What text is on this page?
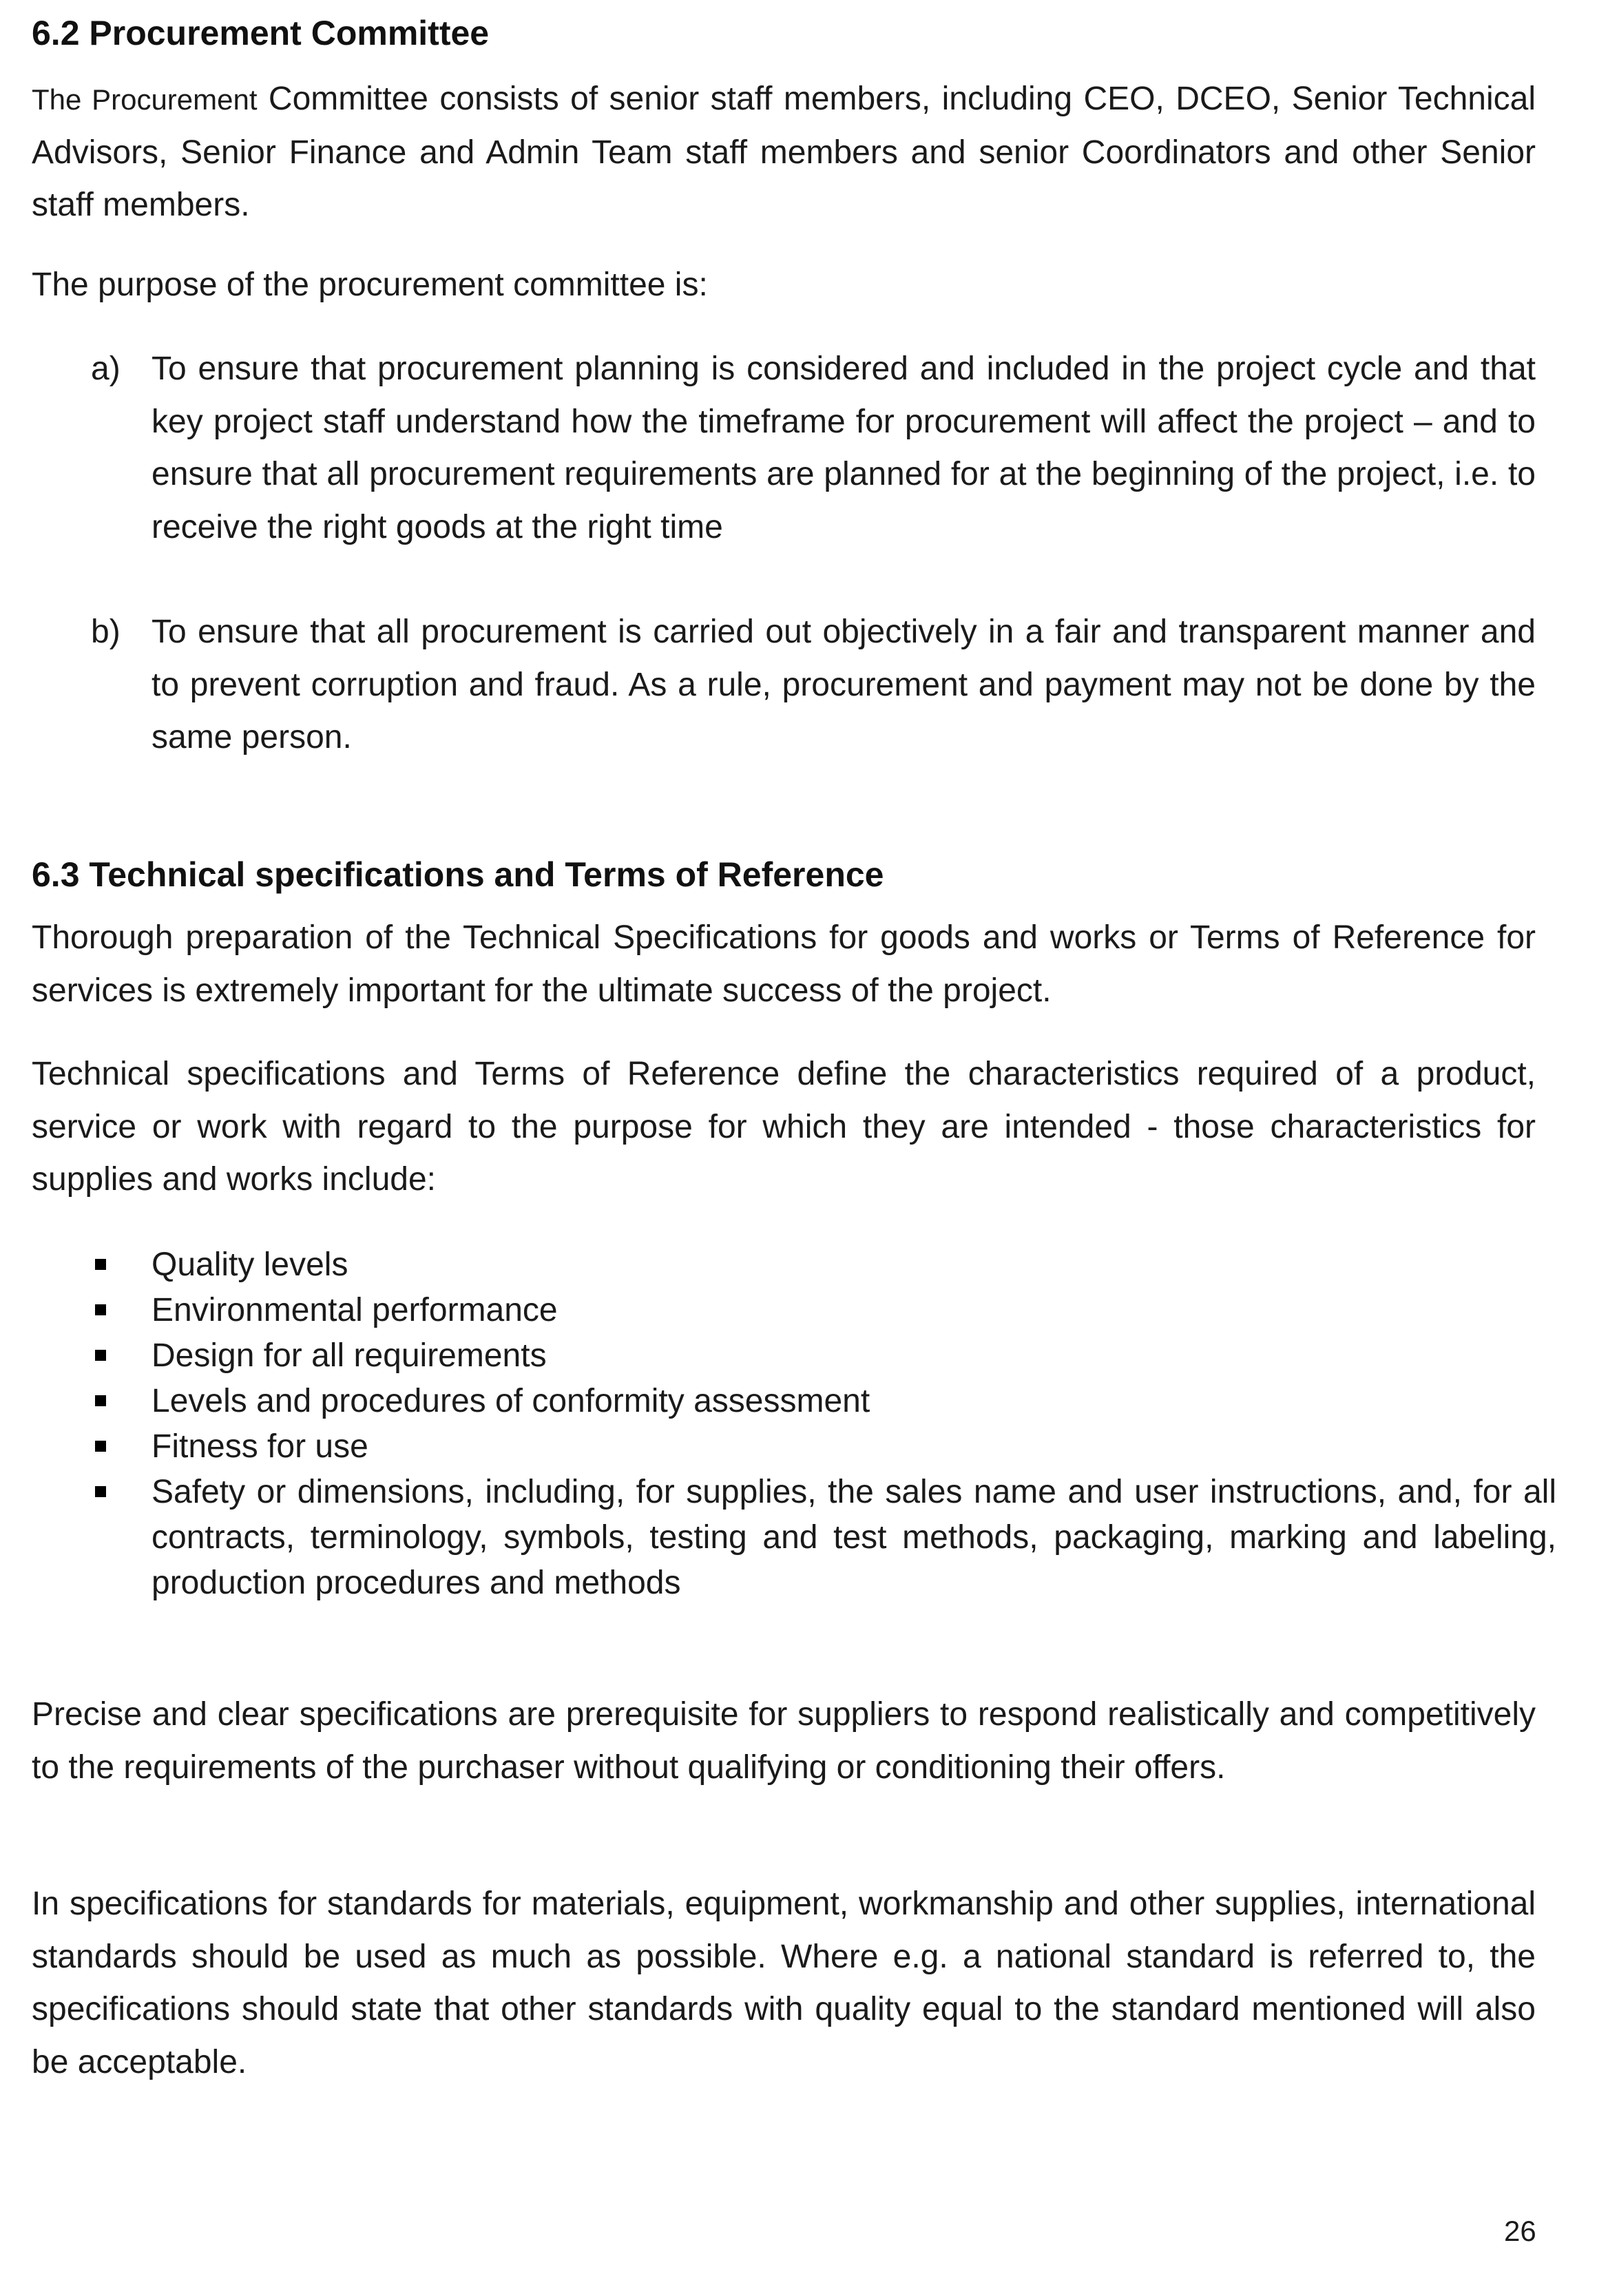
6.2 Procurement Committee

The Procurement Committee consists of senior staff members, including CEO, DCEO, Senior Technical Advisors, Senior Finance and Admin Team staff members and senior Coordinators and other Senior staff members.

The purpose of the procurement committee is:

a) To ensure that procurement planning is considered and included in the project cycle and that key project staff understand how the timeframe for procurement will affect the project – and to ensure that all procurement requirements are planned for at the beginning of the project, i.e. to receive the right goods at the right time

b) To ensure that all procurement is carried out objectively in a fair and transparent manner and to prevent corruption and fraud. As a rule, procurement and payment may not be done by the same person.

6.3 Technical specifications and Terms of Reference

Thorough preparation of the Technical Specifications for goods and works or Terms of Reference for services is extremely important for the ultimate success of the project.

Technical specifications and Terms of Reference define the characteristics required of a product, service or work with regard to the purpose for which they are intended - those characteristics for supplies and works include:

Quality levels

Environmental performance

Design for all requirements

Levels and procedures of conformity assessment

Fitness for use

Safety or dimensions, including, for supplies, the sales name and user instructions, and, for all contracts, terminology, symbols, testing and test methods, packaging, marking and labeling, production procedures and methods

Precise and clear specifications are prerequisite for suppliers to respond realistically and competitively to the requirements of the purchaser without qualifying or conditioning their offers.

In specifications for standards for materials, equipment, workmanship and other supplies, international standards should be used as much as possible. Where e.g. a national standard is referred to, the specifications should state that other standards with quality equal to the standard mentioned will also be acceptable.

26
